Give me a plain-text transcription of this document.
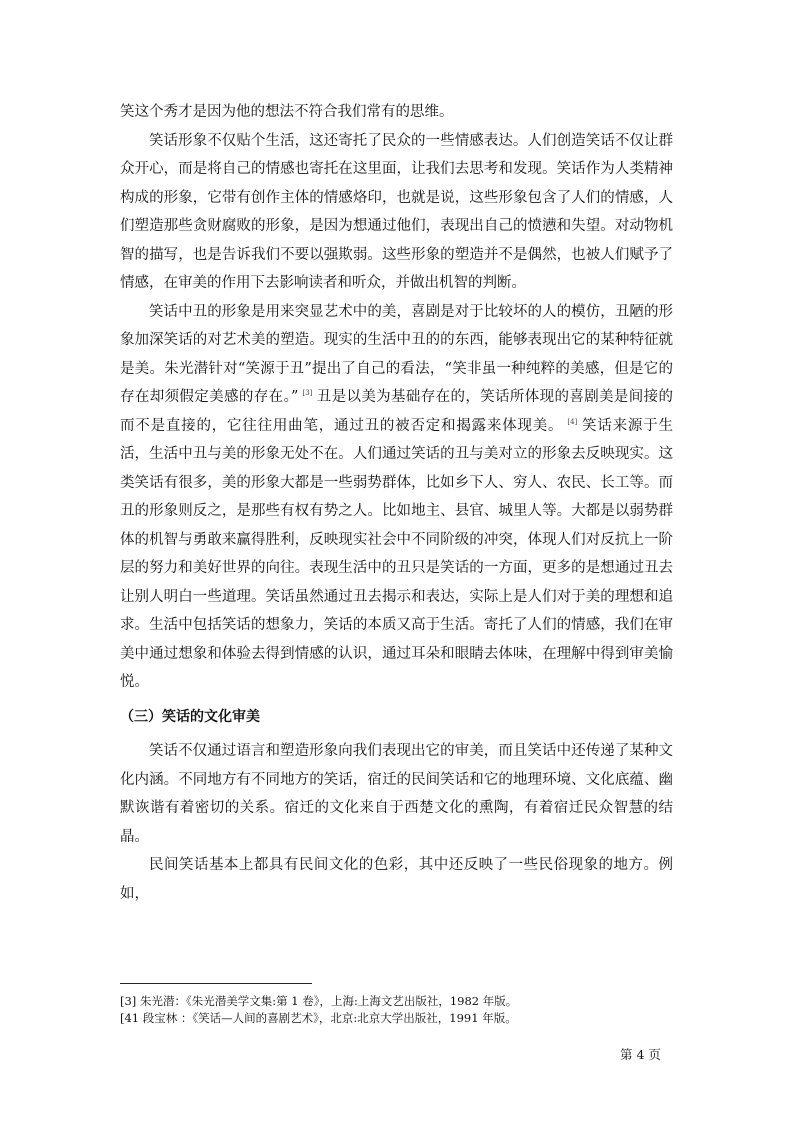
笑这个秀才是因为他的想法不符合我们常有的思维。

笑话形象不仅贴个生活，这还寄托了民众的一些情感表达。人们创造笑话不仅让群众开心，而是将自己的情感也寄托在这里面，让我们去思考和发现。笑话作为人类精神构成的形象，它带有创作主体的情感烙印，也就是说，这些形象包含了人们的情感，人们塑造那些贪财腐败的形象，是因为想通过他们，表现出自己的愤懑和失望。对动物机智的描写，也是告诉我们不要以强欺弱。这些形象的塑造并不是偶然，也被人们赋予了情感，在审美的作用下去影响读者和听众，并做出机智的判断。

笑话中丑的形象是用来突显艺术中的美，喜剧是对于比较坏的人的模仿，丑陋的形象加深笑话的对艺术美的塑造。现实的生活中丑的的东西，能够表现出它的某种特征就是美。朱光潜针对“笑源于丑”提出了自己的看法，“笑非虽一种纯粹的美感，但是它的存在却须假定美感的存在。” [3] 丑是以美为基础存在的，笑话所体现的喜剧美是间接的而不是直接的，它往往用曲笔，通过丑的被否定和揭露来体现美。 [4] 笑话来源于生活，生活中丑与美的形象无处不在。人们通过笑话的丑与美对立的形象去反映现实。这类笑话有很多，美的形象大都是一些弱势群体，比如乡下人、穷人、农民、长工等。而丑的形象则反之，是那些有权有势之人。比如地主、县官、城里人等。大都是以弱势群体的机智与勇敢来赢得胜利，反映现实社会中不同阶级的冲突，体现人们对反抗上一阶层的努力和美好世界的向往。表现生活中的丑只是笑话的一方面，更多的是想通过丑去让别人明白一些道理。笑话虽然通过丑去揭示和表达，实际上是人们对于美的理想和追求。生活中包括笑话的想象力，笑话的本质又高于生活。寄托了人们的情感，我们在审美中通过想象和体验去得到情感的认识，通过耳朵和眼睛去体味，在理解中得到审美愉悦。

（三）笑话的文化审美

笑话不仅通过语言和塑造形象向我们表现出它的审美，而且笑话中还传递了某种文化内涵。不同地方有不同地方的笑话，宿迁的民间笑话和它的地理环境、文化底蕴、幽默诙谐有着密切的关系。宿迁的文化来自于西楚文化的熏陶，有着宿迁民众智慧的结晶。

民间笑话基本上都具有民间文化的色彩，其中还反映了一些民俗现象的地方。例如，

[3] 朱光潜：《朱光潜美学文集:第 1 卷》，上海:上海文艺出版社，1982 年版。
[41 段宝林 ：《笑话—人间的喜剧艺术》，北京:北京大学出版社，1991 年版。
第 4 页
